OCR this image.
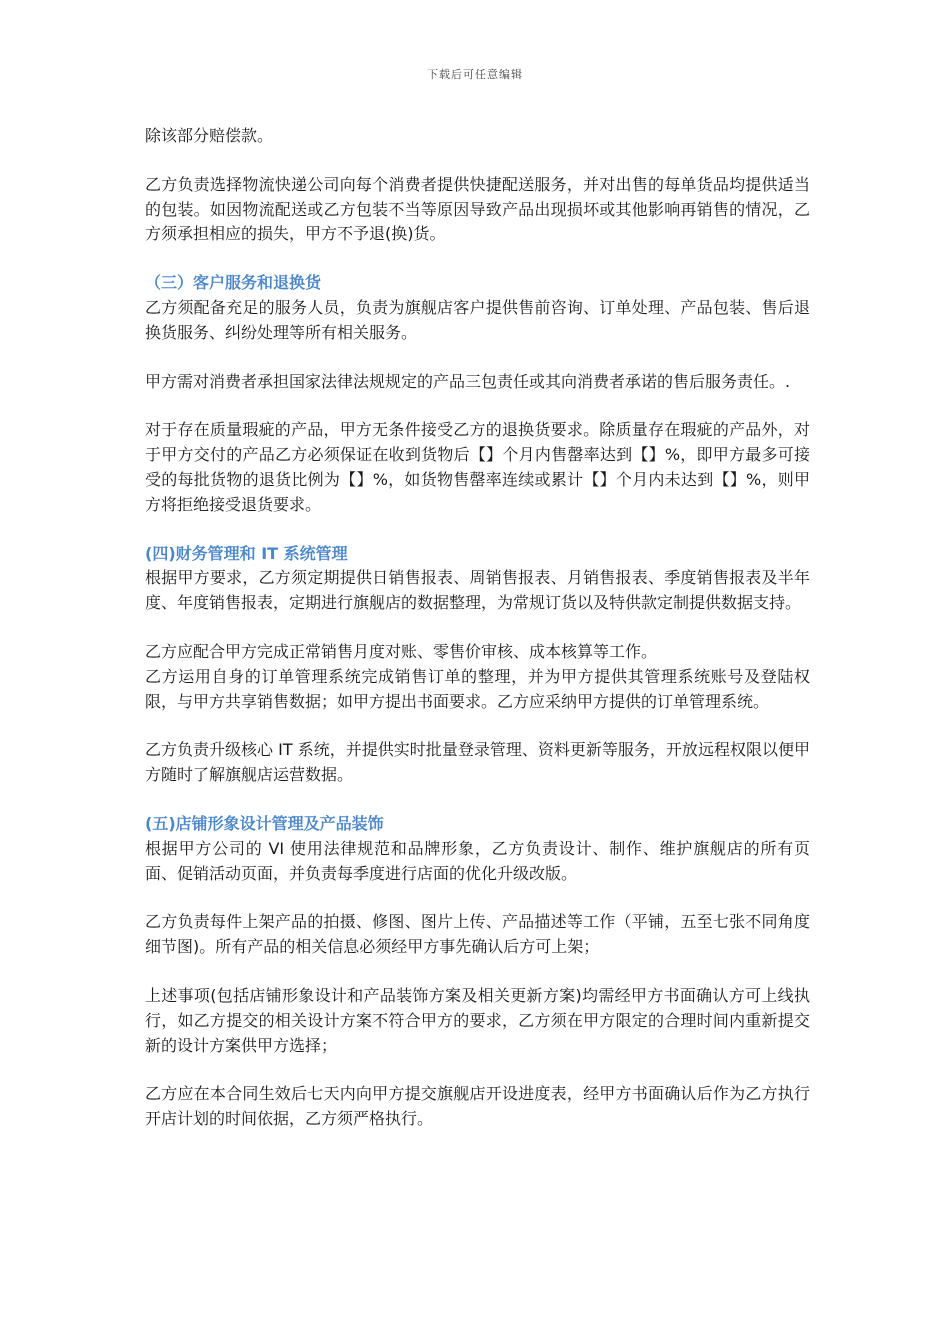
下载后可任意编辑

除该部分赔偿款。

乙方负责选择物流快递公司向每个消费者提供快捷配送服务，并对出售的每单货品均提供适当的包装。如因物流配送或乙方包装不当等原因导致产品出现损坏或其他影响再销售的情况，乙方须承担相应的损失，甲方不予退(换)货。

（三）客户服务和退换货

乙方须配备充足的服务人员，负责为旗舰店客户提供售前咨询、订单处理、产品包装、售后退换货服务、纠纷处理等所有相关服务。

甲方需对消费者承担国家法律法规规定的产品三包责任或其向消费者承诺的售后服务责任。.

对于存在质量瑕疵的产品，甲方无条件接受乙方的退换货要求。除质量存在瑕疵的产品外，对于甲方交付的产品乙方必须保证在收到货物后【】个月内售罄率达到【】%，即甲方最多可接受的每批货物的退货比例为【】%，如货物售罄率连续或累计【】个月内未达到【】%，则甲方将拒绝接受退货要求。

(四)财务管理和 IT 系统管理

根据甲方要求，乙方须定期提供日销售报表、周销售报表、月销售报表、季度销售报表及半年度、年度销售报表，定期进行旗舰店的数据整理，为常规订货以及特供款定制提供数据支持。

乙方应配合甲方完成正常销售月度对账、零售价审核、成本核算等工作。

乙方运用自身的订单管理系统完成销售订单的整理，并为甲方提供其管理系统账号及登陆权限，与甲方共享销售数据；如甲方提出书面要求。乙方应采纳甲方提供的订单管理系统。

乙方负责升级核心 IT 系统，并提供实时批量登录管理、资料更新等服务，开放远程权限以便甲方随时了解旗舰店运营数据。

(五)店铺形象设计管理及产品装饰

根据甲方公司的 VI 使用法律规范和品牌形象，乙方负责设计、制作、维护旗舰店的所有页面、促销活动页面，并负责每季度进行店面的优化升级改版。

乙方负责每件上架产品的拍摄、修图、图片上传、产品描述等工作（平铺，五至七张不同角度细节图)。所有产品的相关信息必须经甲方事先确认后方可上架；

上述事项(包括店铺形象设计和产品装饰方案及相关更新方案)均需经甲方书面确认方可上线执行，如乙方提交的相关设计方案不符合甲方的要求，乙方须在甲方限定的合理时间内重新提交新的设计方案供甲方选择；

乙方应在本合同生效后七天内向甲方提交旗舰店开设进度表，经甲方书面确认后作为乙方执行开店计划的时间依据，乙方须严格执行。
